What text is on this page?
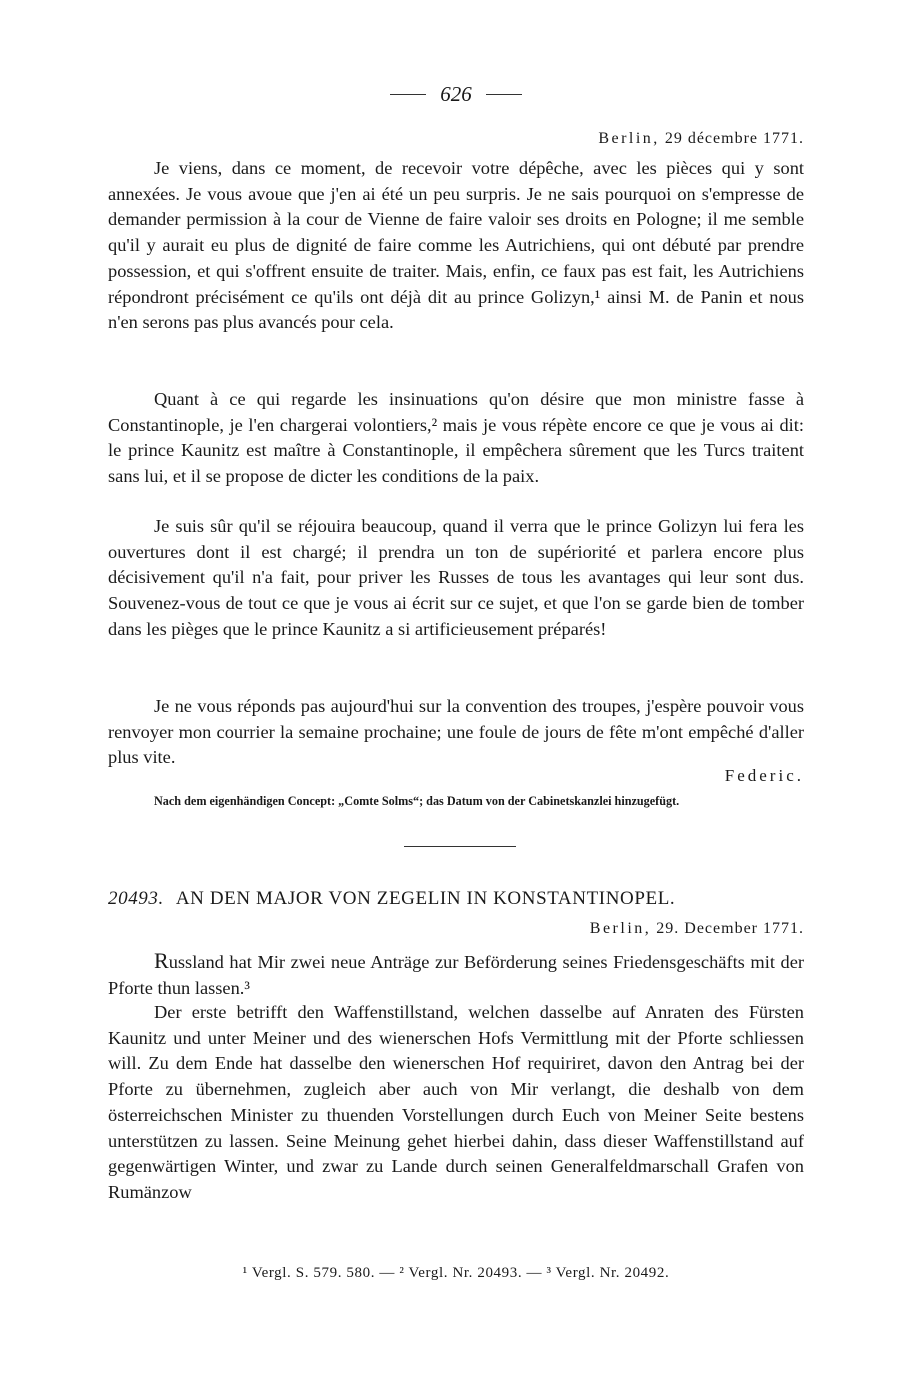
626
Berlin, 29 décembre 1771.

Je viens, dans ce moment, de recevoir votre dépêche, avec les pièces qui y sont annexées. Je vous avoue que j'en ai été un peu surpris. Je ne sais pourquoi on s'empresse de demander permission à la cour de Vienne de faire valoir ses droits en Pologne; il me semble qu'il y aurait eu plus de dignité de faire comme les Autrichiens, qui ont débuté par prendre possession, et qui s'offrent ensuite de traiter. Mais, enfin, ce faux pas est fait, les Autrichiens répondront précisément ce qu'ils ont déjà dit au prince Golizyn,¹ ainsi M. de Panin et nous n'en serons pas plus avancés pour cela.

Quant à ce qui regarde les insinuations qu'on désire que mon ministre fasse à Constantinople, je l'en chargerai volontiers,² mais je vous répète encore ce que je vous ai dit: le prince Kaunitz est maître à Constantinople, il empêchera sûrement que les Turcs traitent sans lui, et il se propose de dicter les conditions de la paix.

Je suis sûr qu'il se réjouira beaucoup, quand il verra que le prince Golizyn lui fera les ouvertures dont il est chargé; il prendra un ton de supériorité et parlera encore plus décisivement qu'il n'a fait, pour priver les Russes de tous les avantages qui leur sont dus. Souvenez-vous de tout ce que je vous ai écrit sur ce sujet, et que l'on se garde bien de tomber dans les pièges que le prince Kaunitz a si artificieusement préparés!

Je ne vous réponds pas aujourd'hui sur la convention des troupes, j'espère pouvoir vous renvoyer mon courrier la semaine prochaine; une foule de jours de fête m'ont empêché d'aller plus vite.

Federic.

Nach dem eigenhändigen Concept: „Comte Solms“; das Datum von der Cabinetskanzlei hinzugefügt.

20493. AN DEN MAJOR VON ZEGELIN IN KONSTANTINOPEL.
Berlin, 29. December 1771.

Russland hat Mir zwei neue Anträge zur Beförderung seines Friedensgeschäfts mit der Pforte thun lassen.³

Der erste betrifft den Waffenstillstand, welchen dasselbe auf Anraten des Fürsten Kaunitz und unter Meiner und des wienerschen Hofs Vermittlung mit der Pforte schliessen will. Zu dem Ende hat dasselbe den wienerschen Hof requiriret, davon den Antrag bei der Pforte zu übernehmen, zugleich aber auch von Mir verlangt, die deshalb von dem österreichschen Minister zu thuenden Vorstellungen durch Euch von Meiner Seite bestens unterstützen zu lassen. Seine Meinung gehet hierbei dahin, dass dieser Waffenstillstand auf gegenwärtigen Winter, und zwar zu Lande durch seinen Generalfeldmarschall Grafen von Rumänzow

¹ Vergl. S. 579. 580. — ² Vergl. Nr. 20493. — ³ Vergl. Nr. 20492.
